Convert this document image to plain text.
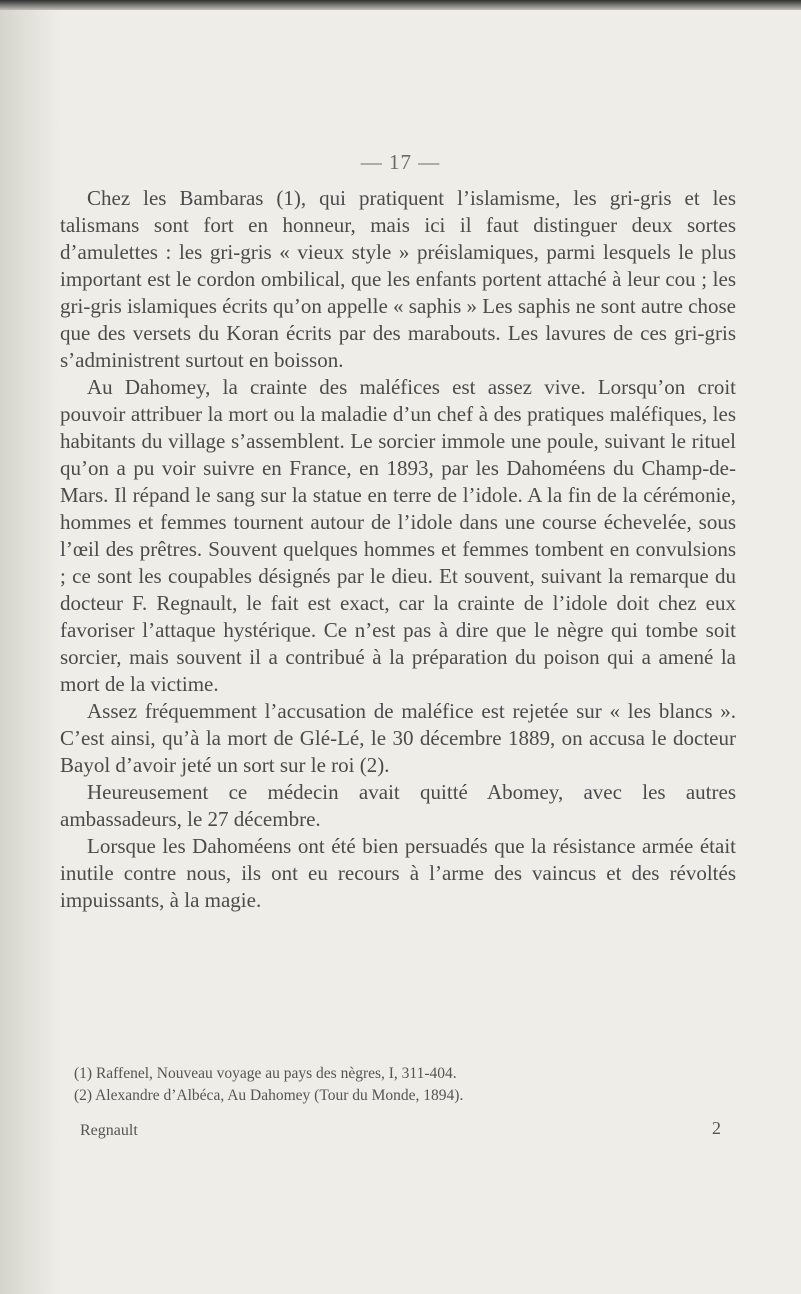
— 17 —

Chez les Bambaras (1), qui pratiquent l’islamisme, les gri-gris et les talismans sont fort en honneur, mais ici il faut distinguer deux sortes d’amulettes : les gri-gris « vieux style » préislamiques, parmi lesquels le plus important est le cordon ombilical, que les enfants portent attaché à leur cou ; les gri-gris islamiques écrits qu’on appelle « saphis » Les saphis ne sont autre chose que des versets du Koran écrits par des marabouts. Les lavures de ces gri-gris s’administrent surtout en boisson.

Au Dahomey, la crainte des maléfices est assez vive. Lorsqu’on croit pouvoir attribuer la mort ou la maladie d’un chef à des pratiques maléfiques, les habitants du village s’assemblent. Le sorcier immole une poule, suivant le rituel qu’on a pu voir suivre en France, en 1893, par les Dahoméens du Champ-de-Mars. Il répand le sang sur la statue en terre de l’idole. A la fin de la cérémonie, hommes et femmes tournent autour de l’idole dans une course échevelée, sous l’œil des prêtres. Souvent quelques hommes et femmes tombent en convulsions ; ce sont les coupables désignés par le dieu. Et souvent, suivant la remarque du docteur F. Regnault, le fait est exact, car la crainte de l’idole doit chez eux favoriser l’attaque hystérique. Ce n’est pas à dire que le nègre qui tombe soit sorcier, mais souvent il a contribué à la préparation du poison qui a amené la mort de la victime.

Assez fréquemment l’accusation de maléfice est rejetée sur « les blancs ». C’est ainsi, qu’à la mort de Glé-Lé, le 30 décembre 1889, on accusa le docteur Bayol d’avoir jeté un sort sur le roi (2).

Heureusement ce médecin avait quitté Abomey, avec les autres ambassadeurs, le 27 décembre.

Lorsque les Dahoméens ont été bien persuadés que la résistance armée était inutile contre nous, ils ont eu recours à l’arme des vaincus et des révoltés impuissants, à la magie.

(1) Raffenel, Nouveau voyage au pays des nègres, I, 311-404.

(2) Alexandre d’Albéca, Au Dahomey (Tour du Monde, 1894).

Regnault	2
